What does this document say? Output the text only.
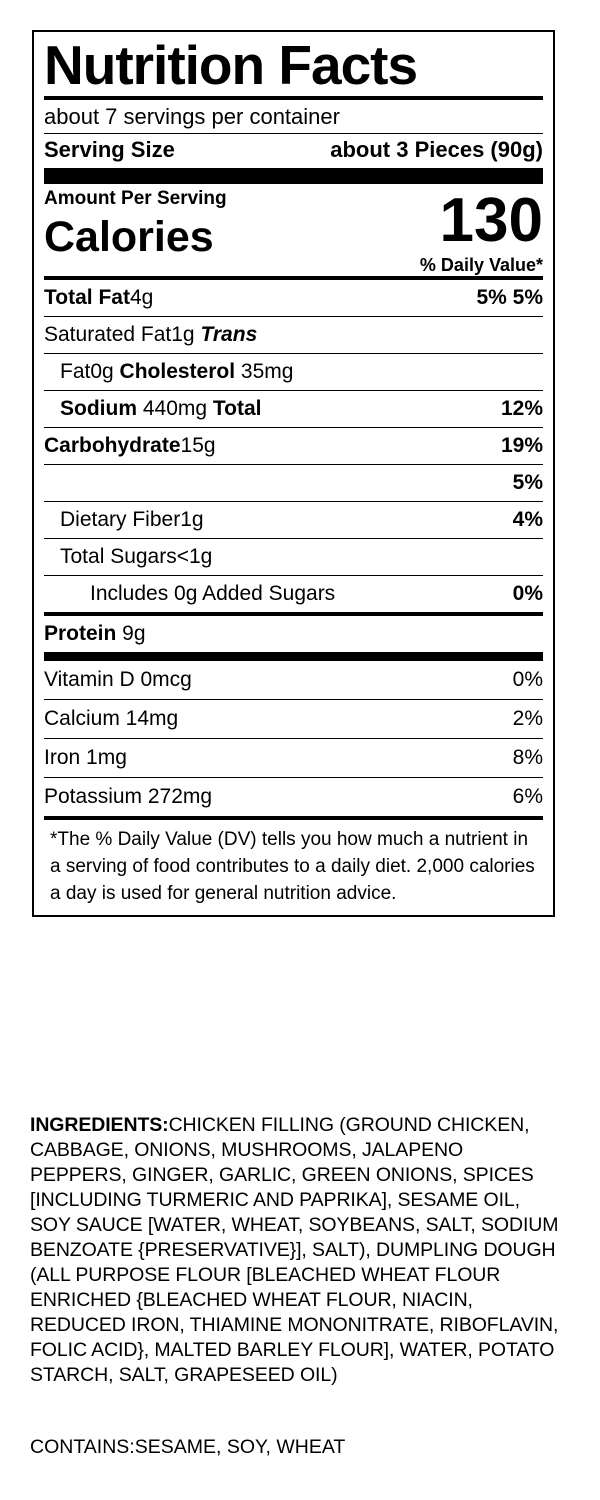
Nutrition Facts
about 7 servings per container
Serving Size	about 3 Pieces (90g)
Amount Per Serving
Calories	130
% Daily Value*
Total Fat4g	5% 5%
Saturated Fat1g Trans
Fat0g Cholesterol 35mg
Sodium 440mg Total	12%
Carbohydrate15g	19%
5%
Dietary Fiber1g	4%
Total Sugars<1g
Includes 0g Added Sugars	0%
Protein 9g
Vitamin D 0mcg	0%
Calcium 14mg	2%
Iron 1mg	8%
Potassium 272mg	6%
*The % Daily Value (DV) tells you how much a nutrient in a serving of food contributes to a daily diet. 2,000 calories a day is used for general nutrition advice.
INGREDIENTS:CHICKEN FILLING (GROUND CHICKEN, CABBAGE, ONIONS, MUSHROOMS, JALAPENO PEPPERS, GINGER, GARLIC, GREEN ONIONS, SPICES [INCLUDING TURMERIC AND PAPRIKA], SESAME OIL, SOY SAUCE [WATER, WHEAT, SOYBEANS, SALT, SODIUM BENZOATE {PRESERVATIVE}], SALT), DUMPLING DOUGH (ALL PURPOSE FLOUR [BLEACHED WHEAT FLOUR ENRICHED {BLEACHED WHEAT FLOUR, NIACIN, REDUCED IRON, THIAMINE MONONITRATE, RIBOFLAVIN, FOLIC ACID}, MALTED BARLEY FLOUR], WATER, POTATO STARCH, SALT, GRAPESEED OIL)
CONTAINS:SESAME, SOY, WHEAT
